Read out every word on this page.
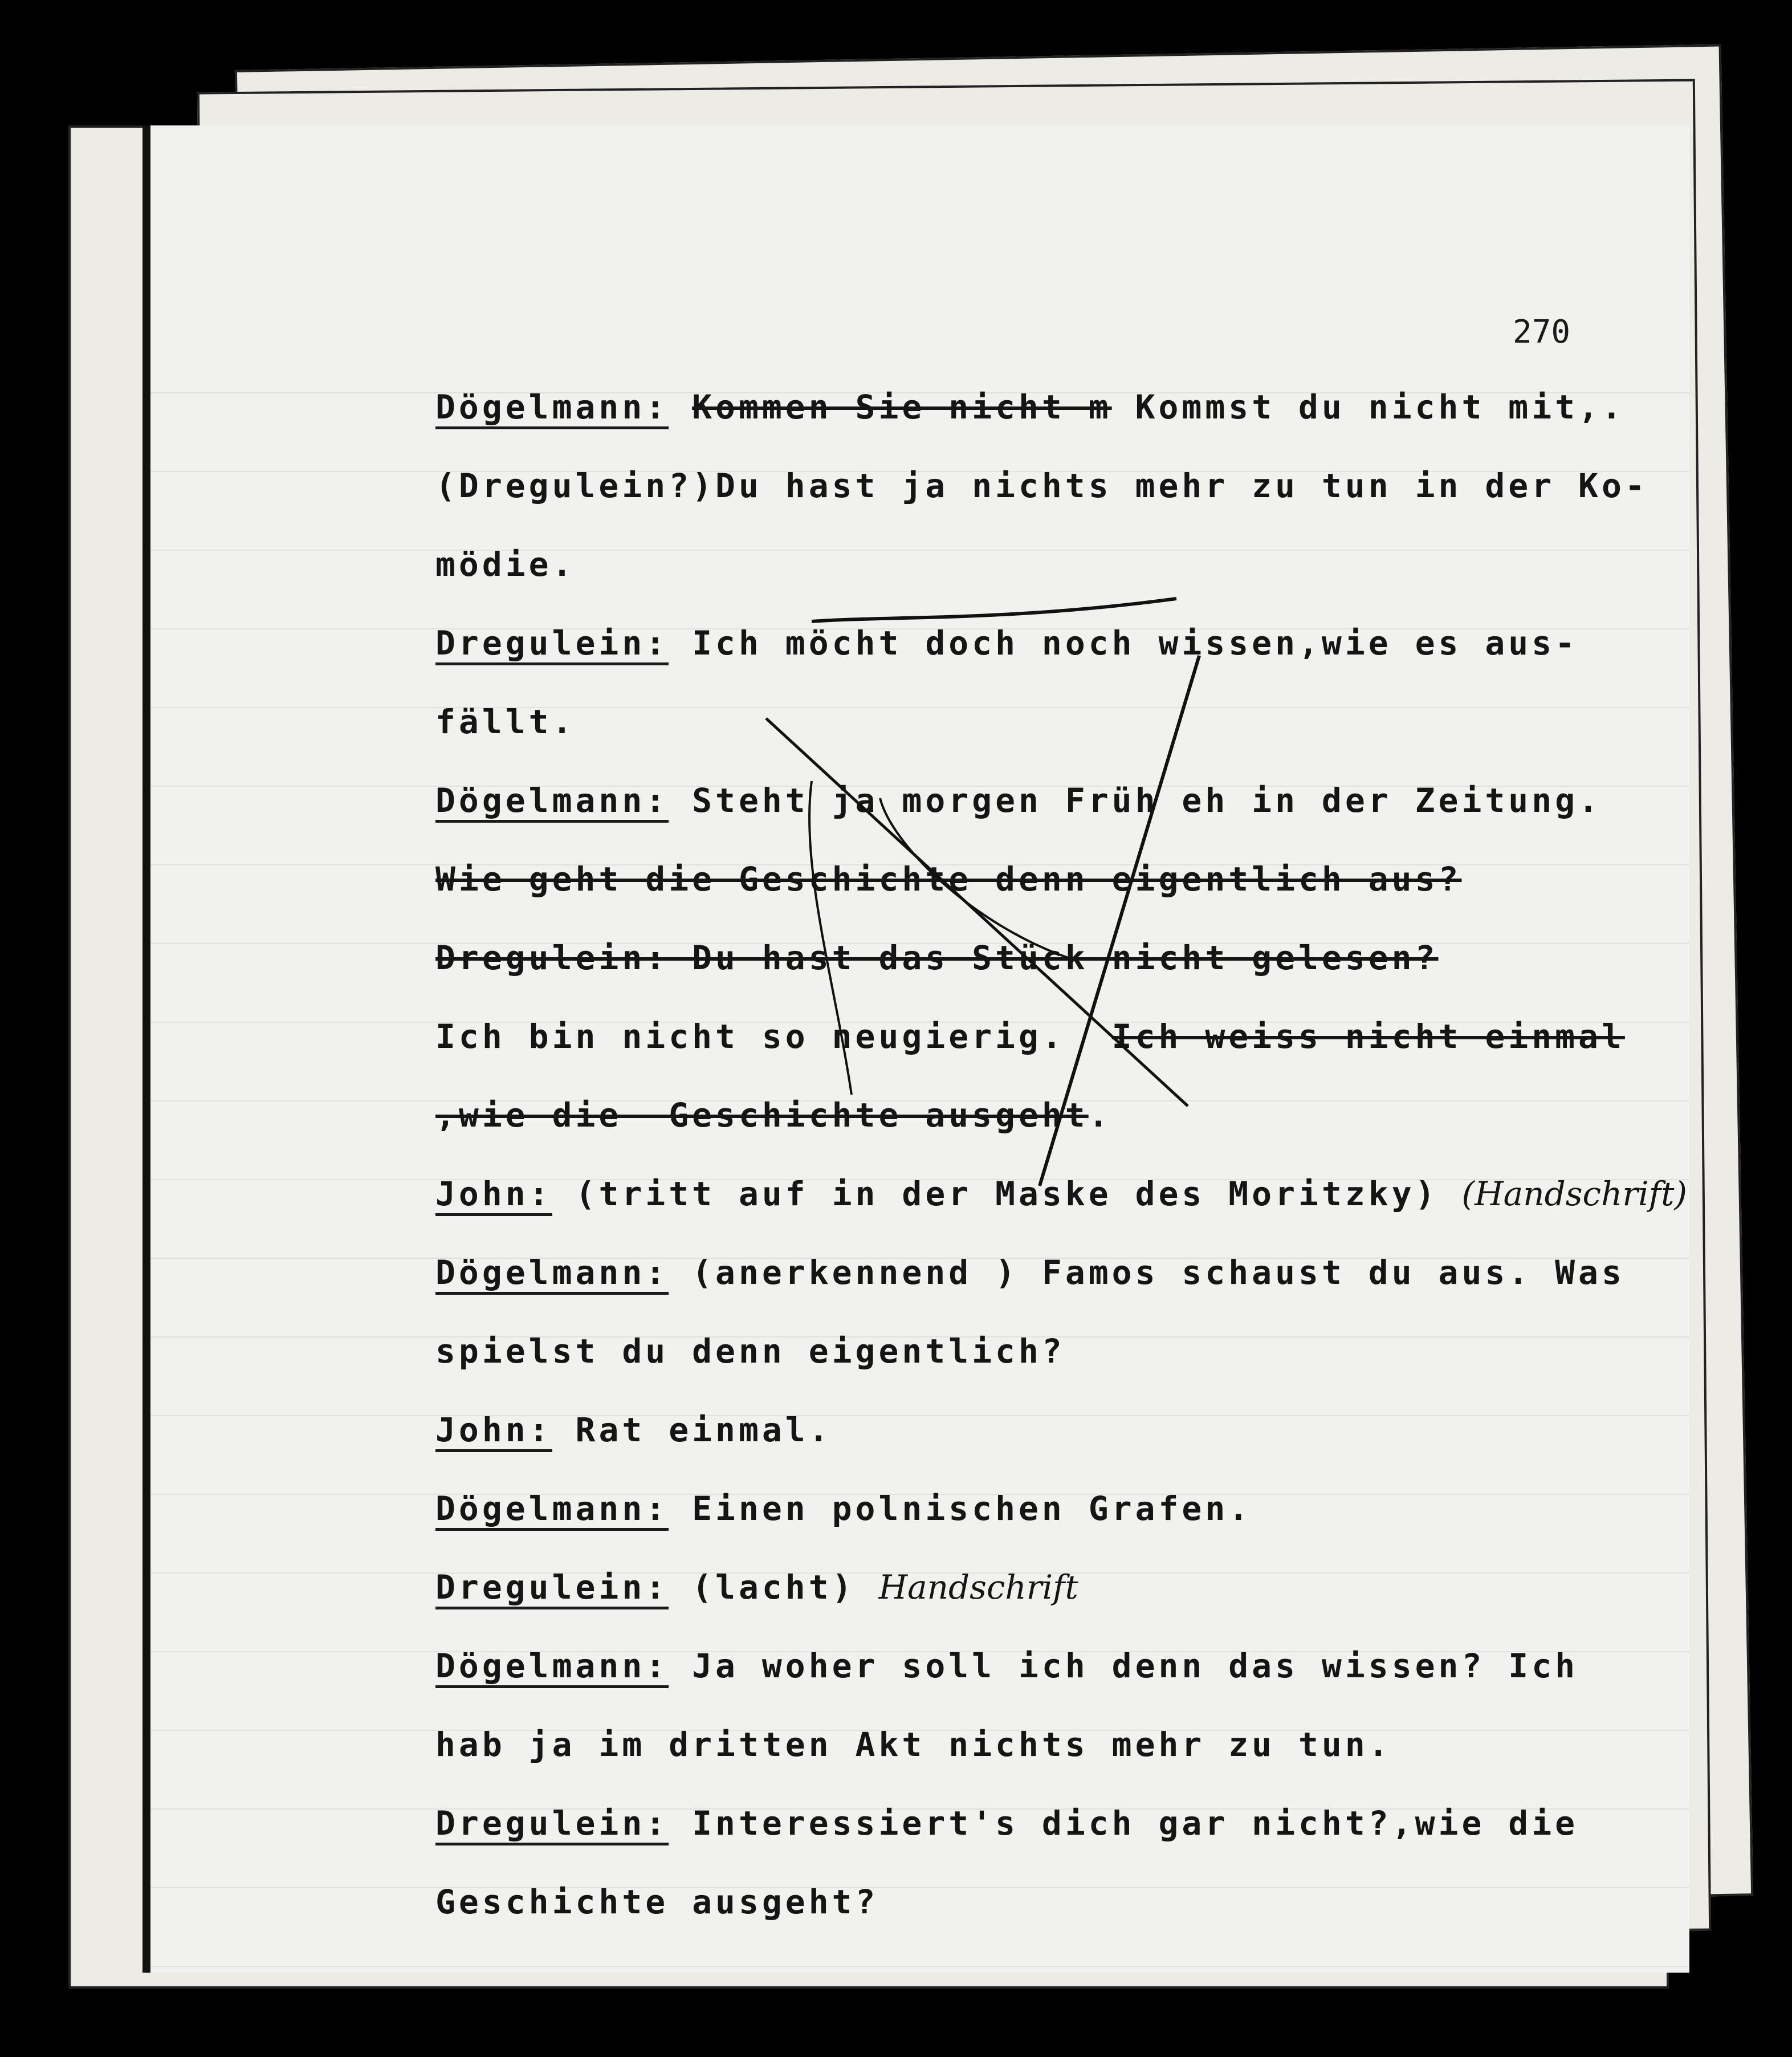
270
Dögelmann: Kommen Sie nicht m Kommst du nicht mit,.
(Dregulein?)Du hast ja nichts mehr zu tun in der Ko-
mödie.
Dregulein: Ich möcht doch noch wissen,wie es aus-
fällt.
Dögelmann: Steht ja morgen Früh eh in der Zeitung.
Wie geht die Geschichte denn eigentlich aus?
Dregulein: Du hast das Stück nicht gelesen?
Ich bin nicht so neugierig. Ich weiss nicht einmal
,wie die  Geschichte ausgeht.
John: (tritt auf in der Maske des Moritzky) (Handschrift)
Dögelmann: (anerkennend ) Famos schaust du aus. Was
spielst du denn eigentlich?
John: Rat einmal.
Dögelmann: Einen polnischen Grafen.
Dregulein: (lacht) Handschrift
Dögelmann: Ja woher soll ich denn das wissen? Ich
hab ja im dritten Akt nichts mehr zu tun.
Dregulein: Interessiert's dich gar nicht?,wie die
Geschichte ausgeht?
